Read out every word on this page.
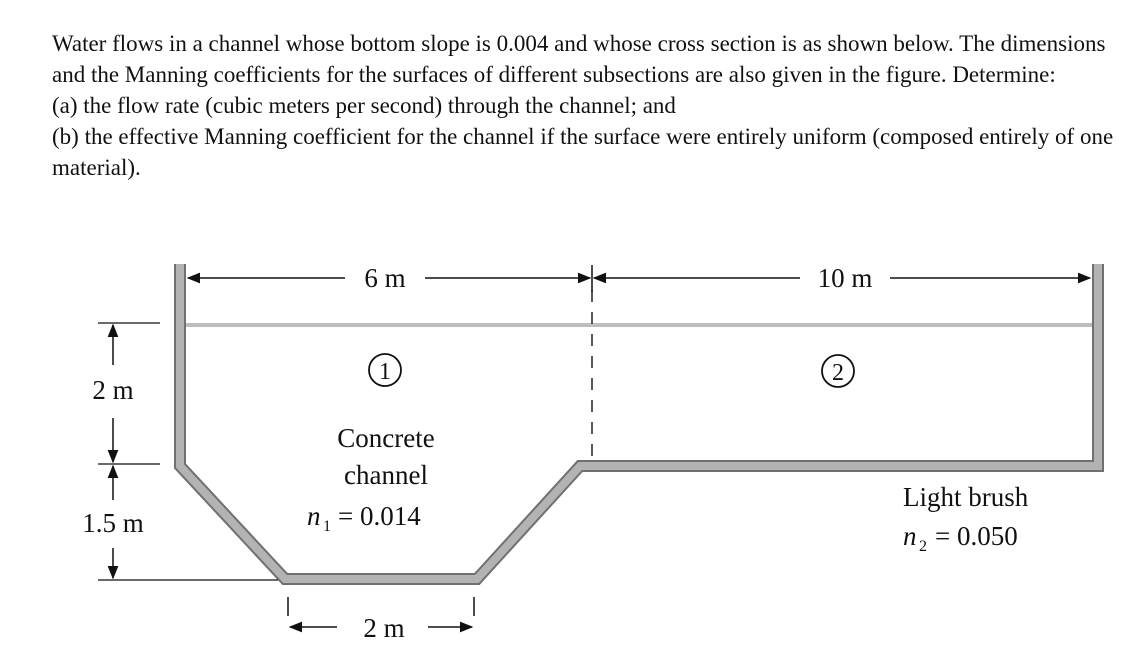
Water flows in a channel whose bottom slope is 0.004 and whose cross section is as shown below. The dimensions and the Manning coefficients for the surfaces of different subsections are also given in the figure. Determine:

(a) the flow rate (cubic meters per second) through the channel; and

(b) the effective Manning coefficient for the channel if the surface were entirely uniform (composed entirely of one material).

6 m	10 m
2 m
1.5 m
2 m
1	2
Concrete
channel
n 1 = 0.014
Light brush
n 2 = 0.050
